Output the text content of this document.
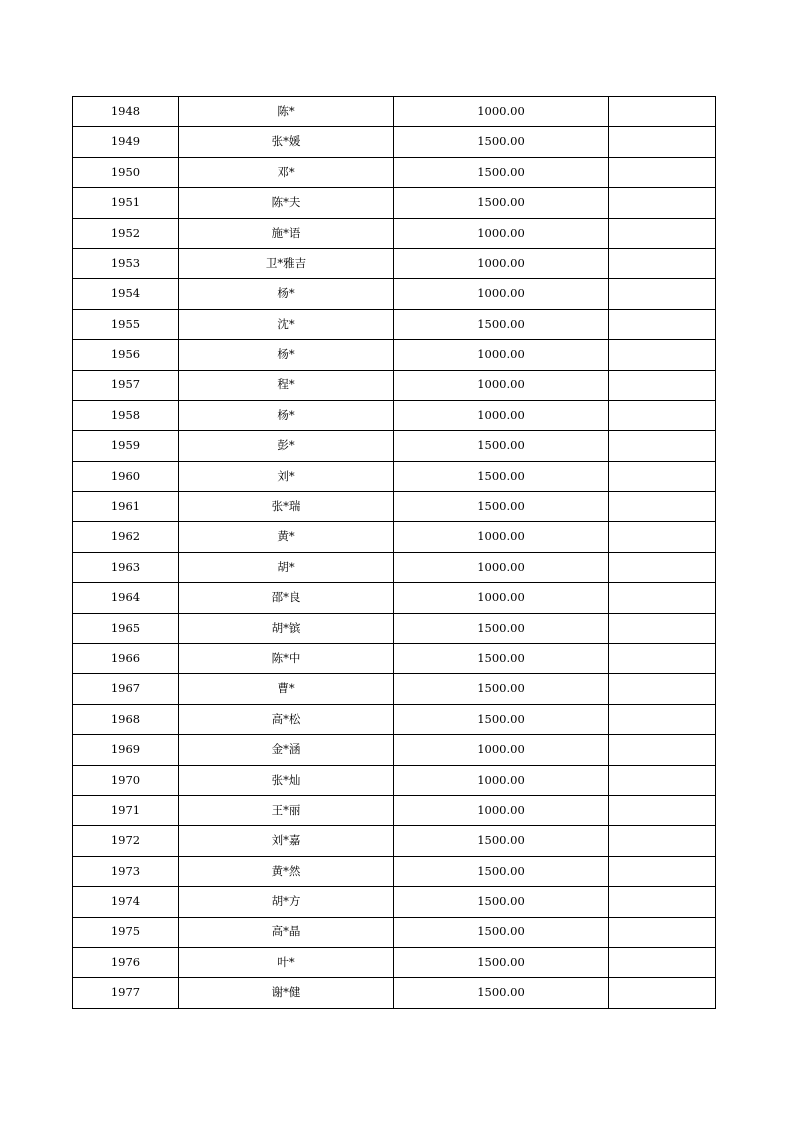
1948	陈*	1000.00	
1949	张*媛	1500.00	
1950	邓*	1500.00	
1951	陈*夫	1500.00	
1952	施*语	1000.00	
1953	卫*雅吉	1000.00	
1954	杨*	1000.00	
1955	沈*	1500.00	
1956	杨*	1000.00	
1957	程*	1000.00	
1958	杨*	1000.00	
1959	彭*	1500.00	
1960	刘*	1500.00	
1961	张*瑞	1500.00	
1962	黄*	1000.00	
1963	胡*	1000.00	
1964	邵*良	1000.00	
1965	胡*镔	1500.00	
1966	陈*中	1500.00	
1967	曹*	1500.00	
1968	高*松	1500.00	
1969	金*涵	1000.00	
1970	张*灿	1000.00	
1971	王*丽	1000.00	
1972	刘*嘉	1500.00	
1973	黄*然	1500.00	
1974	胡*方	1500.00	
1975	高*晶	1500.00	
1976	叶*	1500.00	
1977	谢*健	1500.00	
